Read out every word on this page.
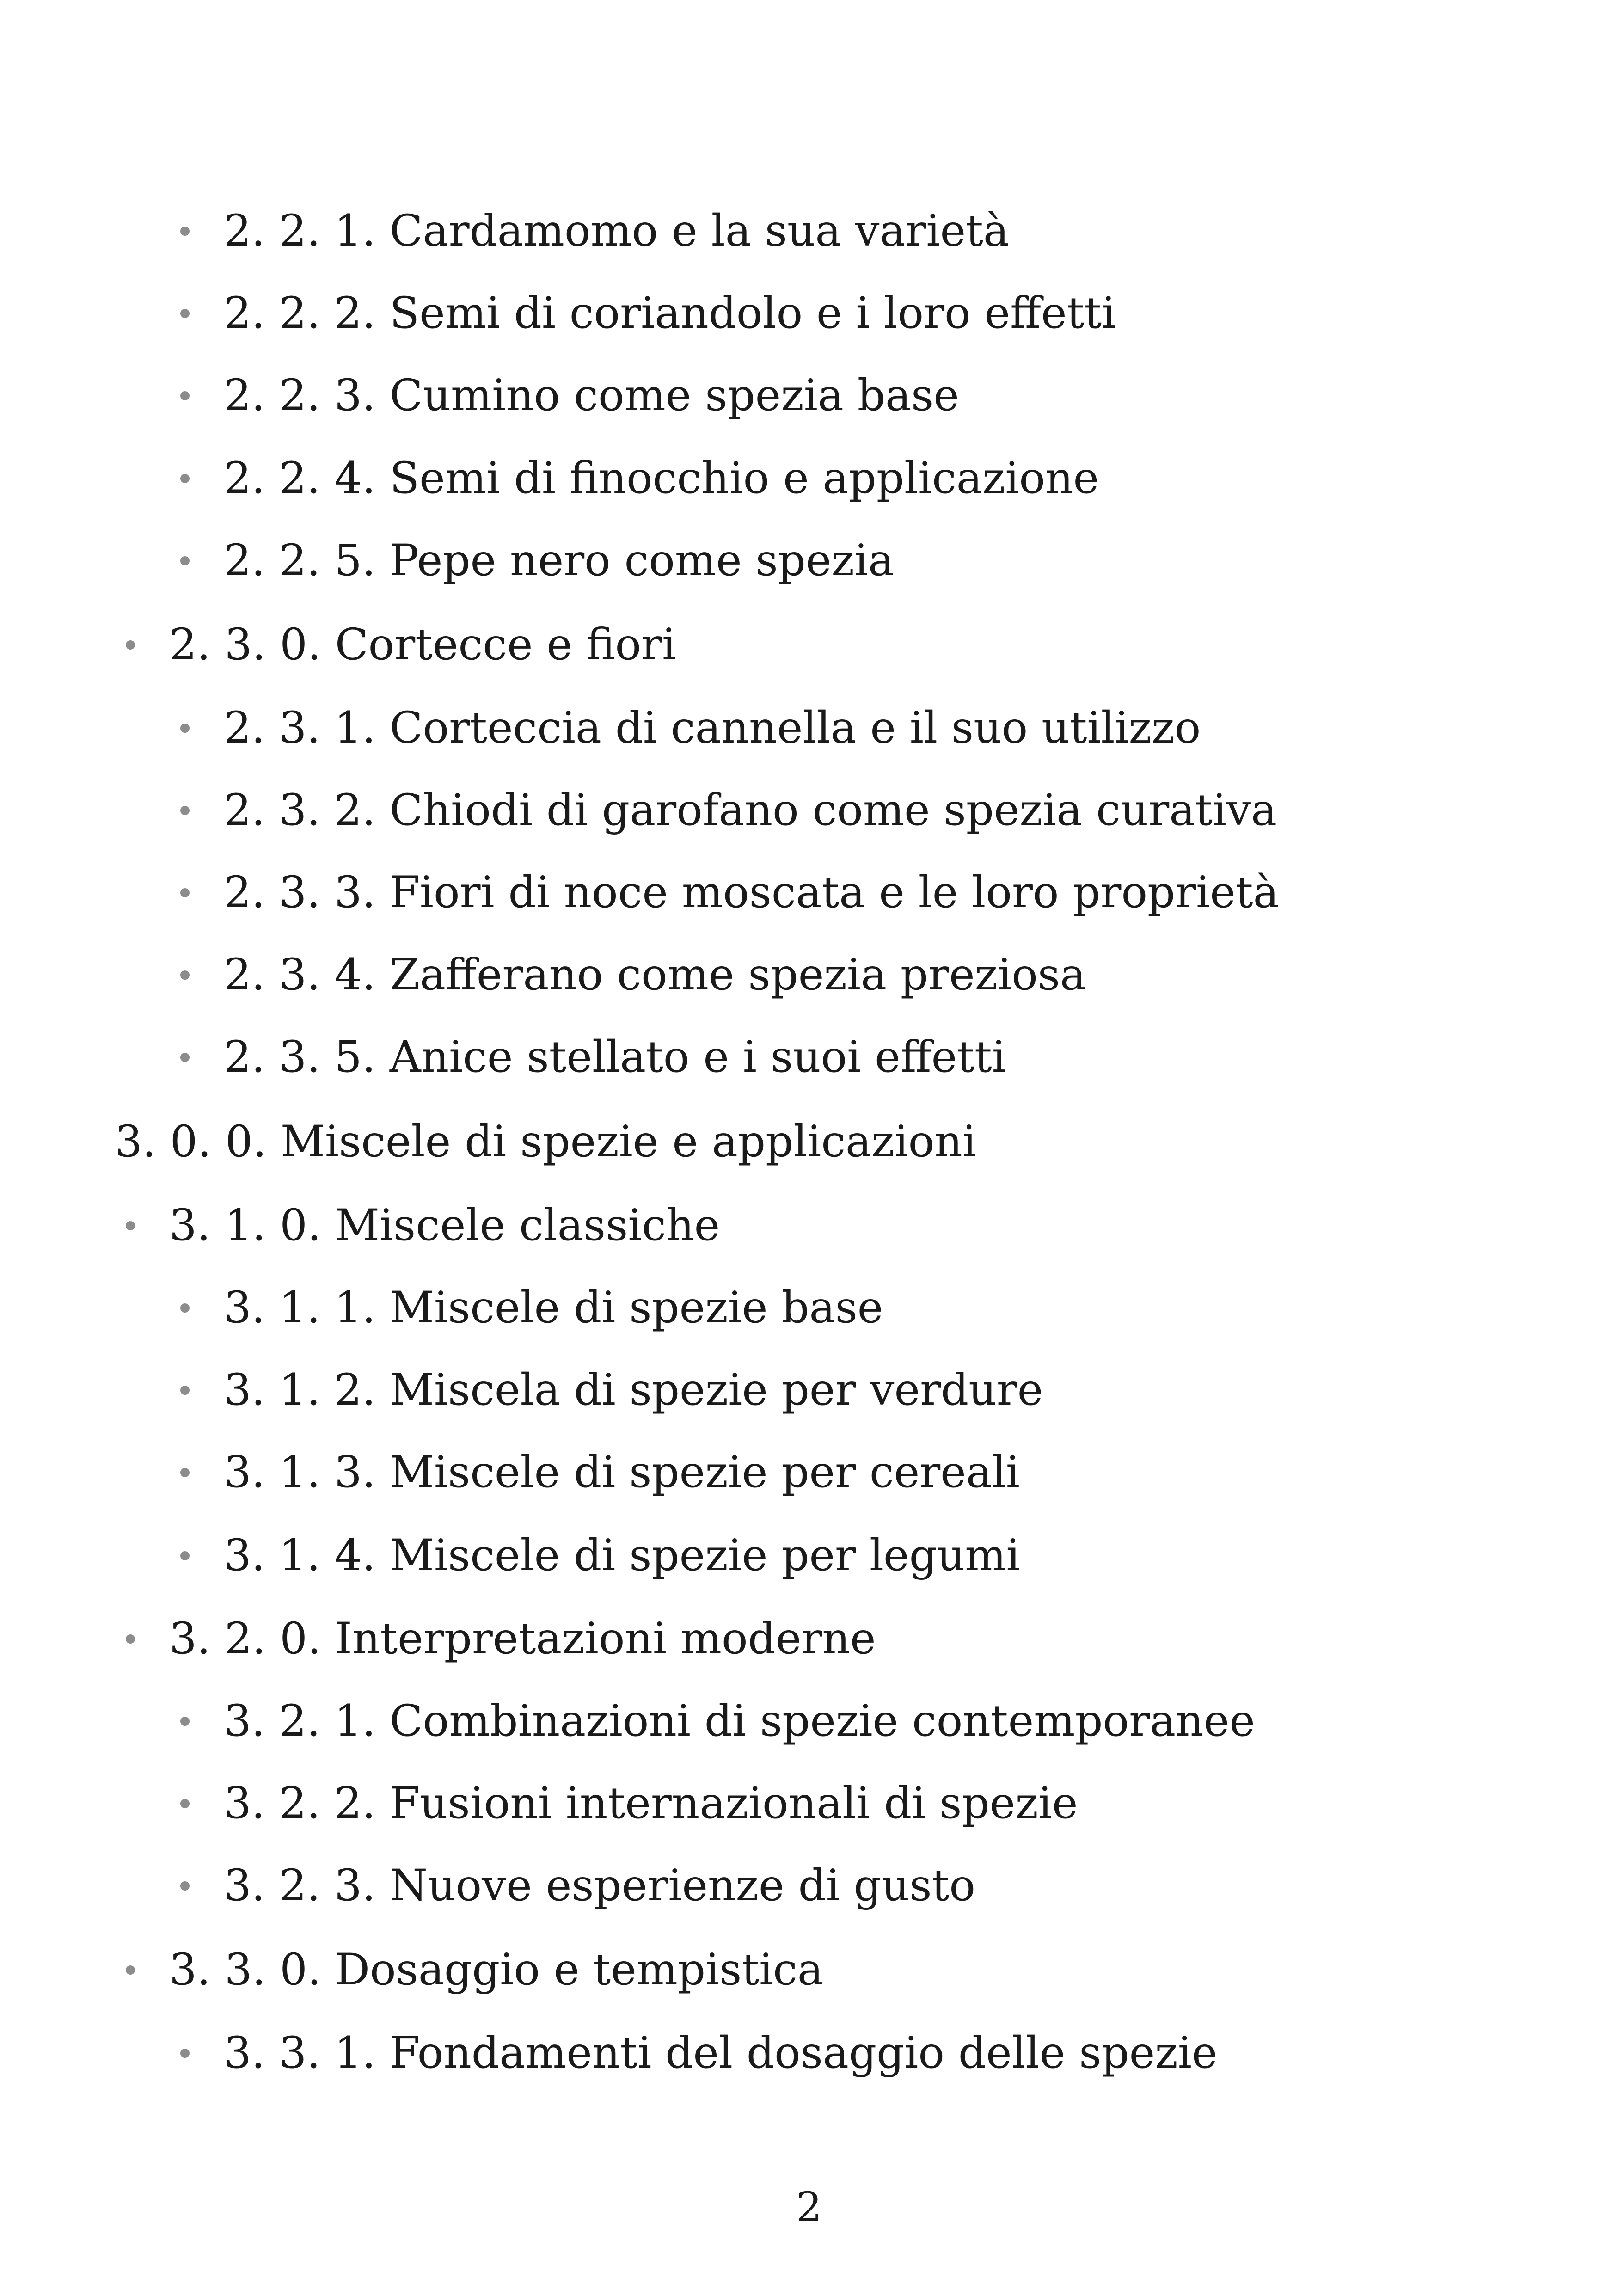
2. 2. 1. Cardamomo e la sua varietà
2. 2. 2. Semi di coriandolo e i loro effetti
2. 2. 3. Cumino come spezia base
2. 2. 4. Semi di finocchio e applicazione
2. 2. 5. Pepe nero come spezia
2. 3. 0. Cortecce e fiori
2. 3. 1. Corteccia di cannella e il suo utilizzo
2. 3. 2. Chiodi di garofano come spezia curativa
2. 3. 3. Fiori di noce moscata e le loro proprietà
2. 3. 4. Zafferano come spezia preziosa
2. 3. 5. Anice stellato e i suoi effetti
3. 0. 0. Miscele di spezie e applicazioni
3. 1. 0. Miscele classiche
3. 1. 1. Miscele di spezie base
3. 1. 2. Miscela di spezie per verdure
3. 1. 3. Miscele di spezie per cereali
3. 1. 4. Miscele di spezie per legumi
3. 2. 0. Interpretazioni moderne
3. 2. 1. Combinazioni di spezie contemporanee
3. 2. 2. Fusioni internazionali di spezie
3. 2. 3. Nuove esperienze di gusto
3. 3. 0. Dosaggio e tempistica
3. 3. 1. Fondamenti del dosaggio delle spezie
2
